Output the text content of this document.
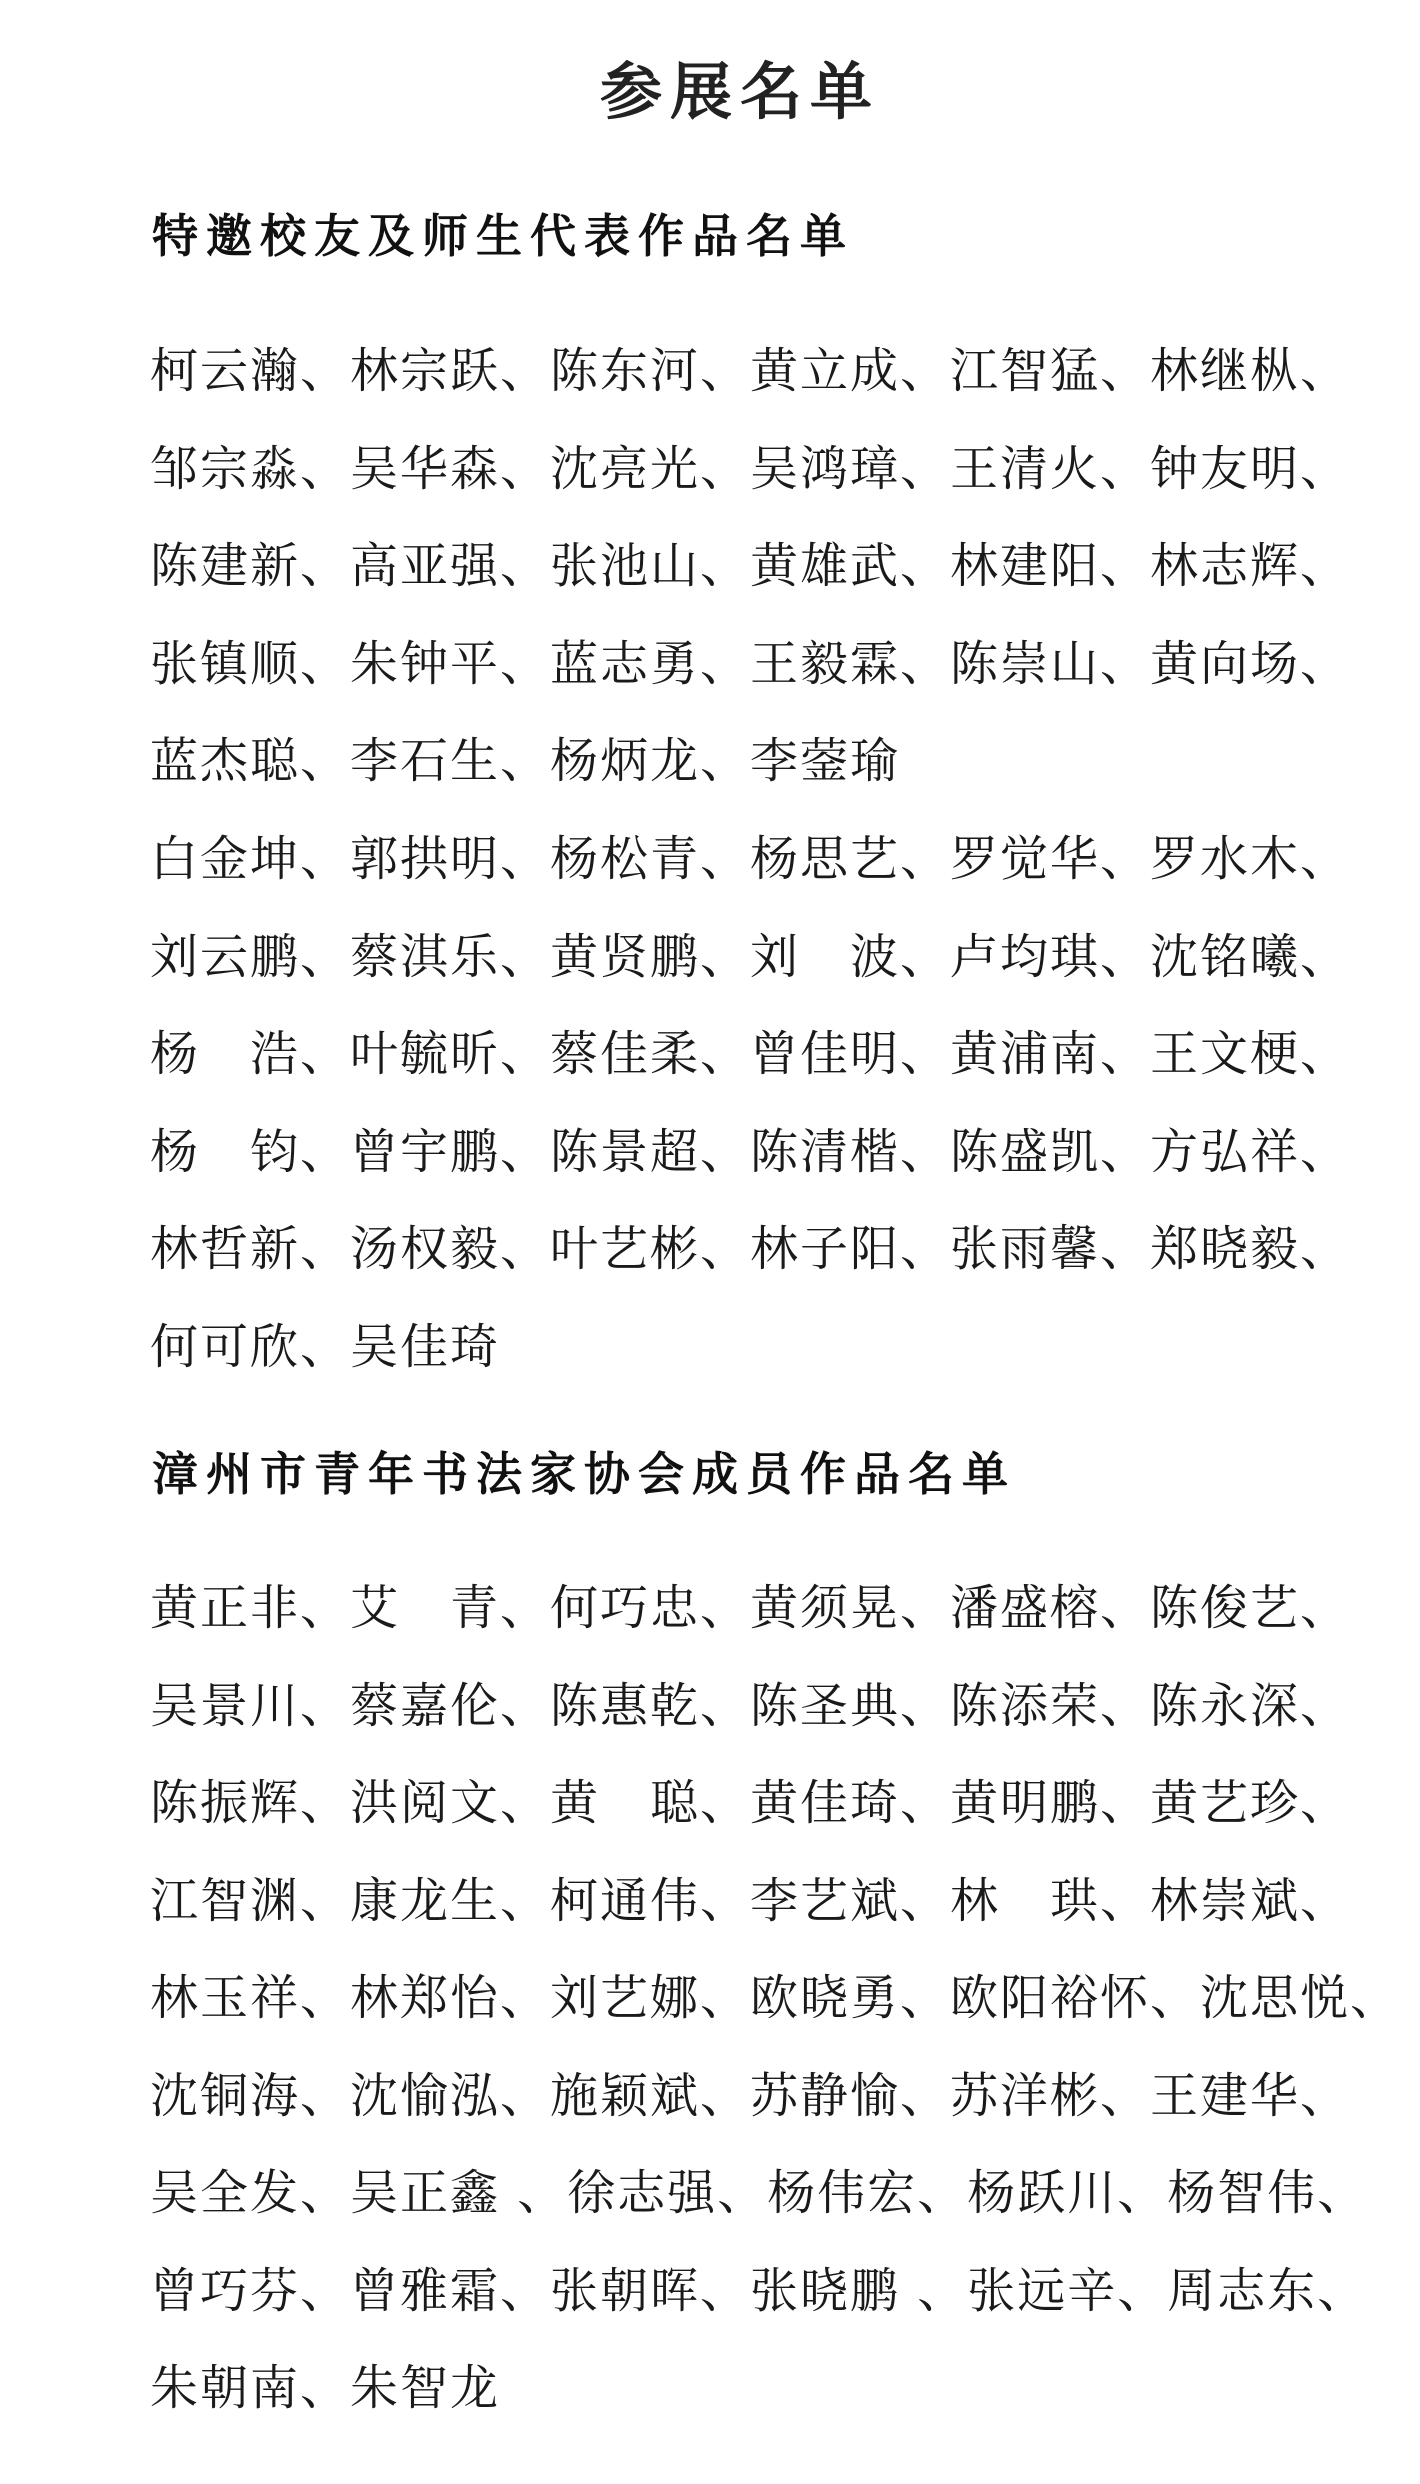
参展名单
特邀校友及师生代表作品名单
柯云瀚、林宗跃、陈东河、黄立成、江智猛、林继枞、
邹宗淼、吴华森、沈亮光、吴鸿璋、王清火、钟友明、
陈建新、高亚强、张池山、黄雄武、林建阳、林志辉、
张镇顺、朱钟平、蓝志勇、王毅霖、陈崇山、黄向场、
蓝杰聪、李石生、杨炳龙、李蓥瑜
白金坤、郭拱明、杨松青、杨思艺、罗觉华、罗水木、
刘云鹏、蔡淇乐、黄贤鹏、刘　波、卢均琪、沈铭曦、
杨　浩、叶毓昕、蔡佳柔、曾佳明、黄浦南、王文梗、
杨　钧、曾宇鹏、陈景超、陈清楷、陈盛凯、方弘祥、
林哲新、汤权毅、叶艺彬、林子阳、张雨馨、郑晓毅、
何可欣、吴佳琦
漳州市青年书法家协会成员作品名单
黄正非、艾　青、何巧忠、黄须晃、潘盛榕、陈俊艺、
吴景川、蔡嘉伦、陈惠乾、陈圣典、陈添荣、陈永深、
陈振辉、洪阅文、黄　聪、黄佳琦、黄明鹏、黄艺珍、
江智渊、康龙生、柯通伟、李艺斌、林　珙、林崇斌、
林玉祥、林郑怡、刘艺娜、欧晓勇、欧阳裕怀、沈思悦、
沈铜海、沈愉泓、施颖斌、苏静愉、苏洋彬、王建华、
吴全发、吴正鑫 、徐志强、杨伟宏、杨跃川、杨智伟、
曾巧芬、曾雅霜、张朝晖、张晓鹏 、张远辛、周志东、
朱朝南、朱智龙
